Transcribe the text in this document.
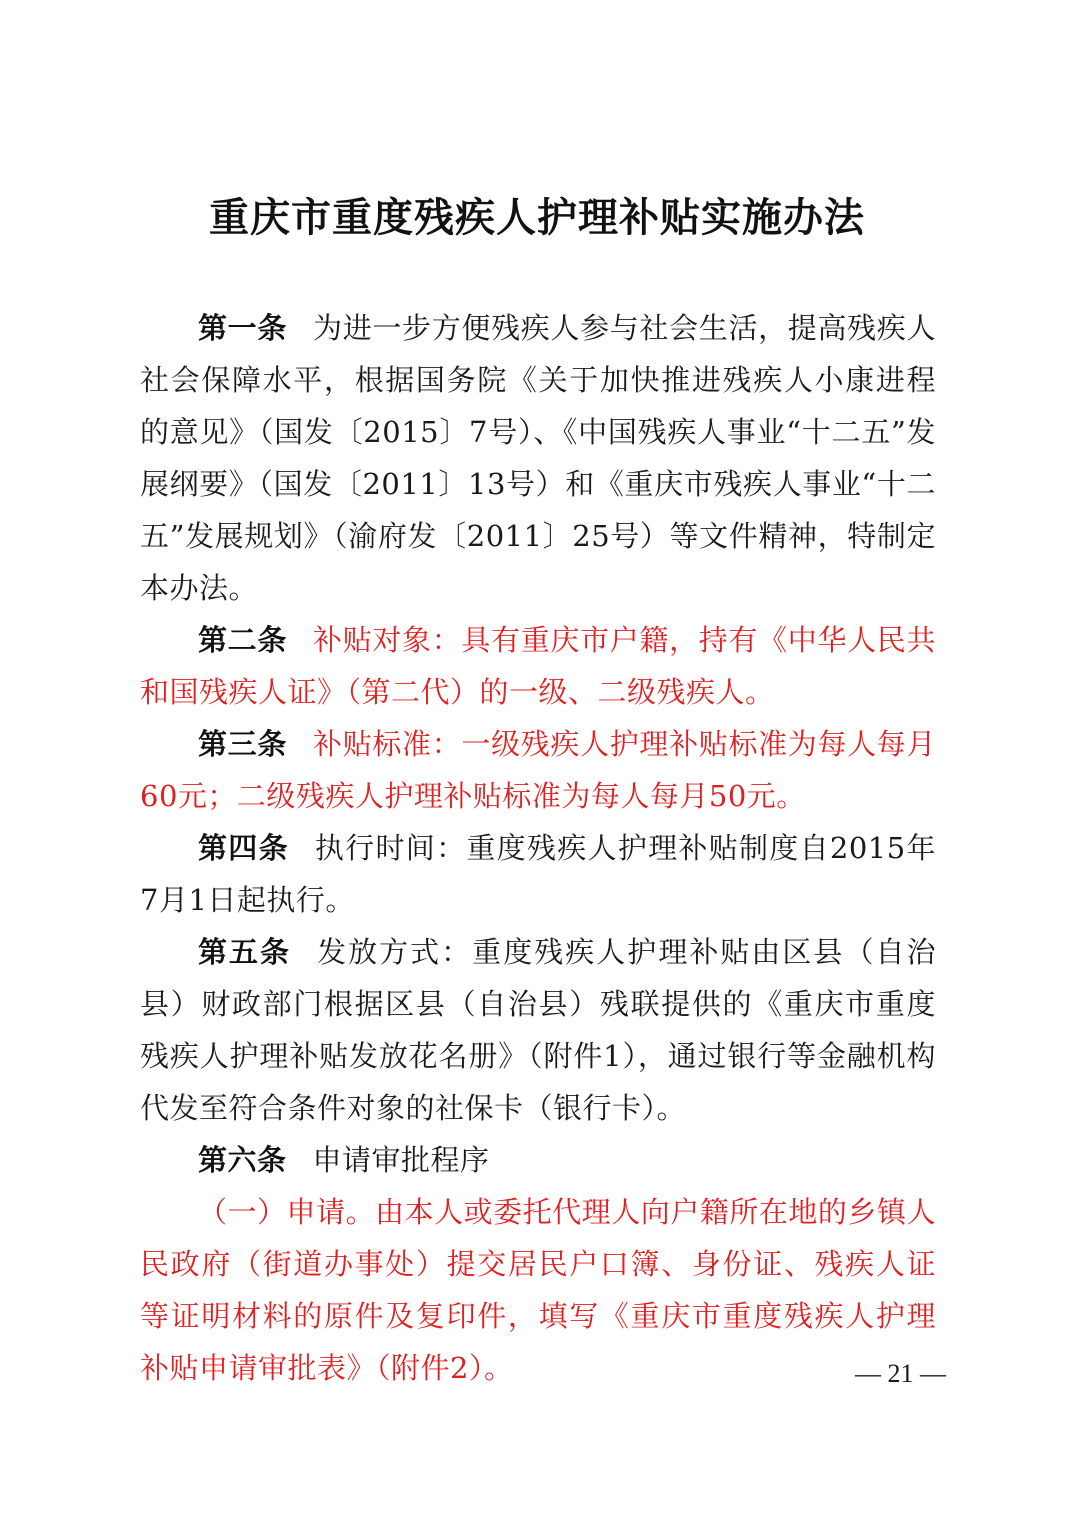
重庆市重度残疾人护理补贴实施办法

第一条 为进一步方便残疾人参与社会生活，提高残疾人社会保障水平，根据国务院《关于加快推进残疾人小康进程的意见》（国发〔2015〕7号）、《中国残疾人事业“十二五”发展纲要》（国发〔2011〕13号）和《重庆市残疾人事业“十二五”发展规划》（渝府发〔2011〕25号）等文件精神，特制定本办法。

第二条 补贴对象：具有重庆市户籍，持有《中华人民共和国残疾人证》（第二代）的一级、二级残疾人。

第三条 补贴标准：一级残疾人护理补贴标准为每人每月60元；二级残疾人护理补贴标准为每人每月50元。

第四条 执行时间：重度残疾人护理补贴制度自2015年7月1日起执行。

第五条 发放方式：重度残疾人护理补贴由区县（自治县）财政部门根据区县（自治县）残联提供的《重庆市重度残疾人护理补贴发放花名册》（附件1），通过银行等金融机构代发至符合条件对象的社保卡（银行卡）。

第六条 申请审批程序

（一）申请。由本人或委托代理人向户籍所在地的乡镇人民政府（街道办事处）提交居民户口簿、身份证、残疾人证等证明材料的原件及复印件，填写《重庆市重度残疾人护理补贴申请审批表》（附件2）。	— 21 —
